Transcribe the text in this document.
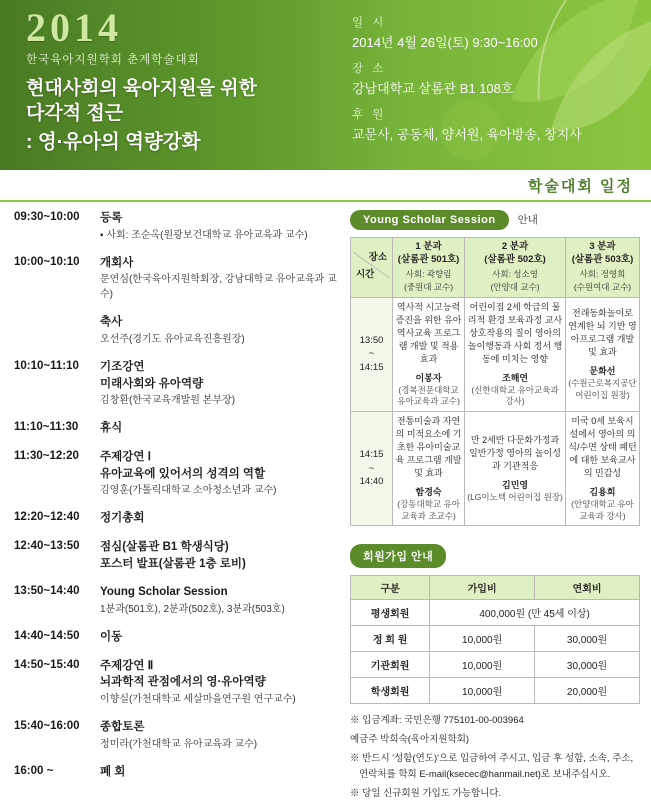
2014
한국육아지원학회 춘계학술대회
현대사회의 육아지원을 위한
다각적 접근
: 영·유아의 역량강화
일 시
2014년 4월 26일(토) 9:30~16:00
장 소
강남대학교 살롬관 B1 108호
후 원
교문사, 공동체, 양서원, 육아방송, 창지사
학술대회 일정
09:30~10:00	등록
▪ 사회: 조순옥(원광보건대학교 유아교육과 교수)
10:00~10:10	개회사
문연심(한국육아지원학회장, 강남대학교 유아교육과 교수)
축사
오선주(경기도 유아교육진흥원장)
10:10~11:10	기조강연
미래사회와 유아역량
김창환(한국교육개발원 본부장)
11:10~11:30	휴식
11:30~12:20	주제강연 Ⅰ
유아교육에 있어서의 성격의 역할
김영훈(가톨릭대학교 소아청소년과 교수)
12:20~12:40	정기총회
12:40~13:50	점심(살롬관 B1 학생식당)
포스터 발표(살롬관 1층 로비)
13:50~14:40	Young Scholar Session
1분과(501호), 2분과(502호), 3분과(503호)
14:40~14:50	이동
14:50~15:40	주제강연 Ⅱ
뇌과학적 관점에서의 영·유아역량
이향실(가천대학교 세살마을연구원 연구교수)
15:40~16:00	종합토론
정미라(가천대학교 유아교육과 교수)
16:00 ~	폐 회
Young Scholar Session 안내
장소
시간	1 분과
(살롬관 501호)
사회: 곽향림
(중원대 교수)	2 분과
(살롬관 502호)
사회: 성소영
(안양대 교수)	3 분과
(살롬관 503호)
사회: 정영희
(수원여대 교수)

13:50
~
14:15	역사적 시고능력증진을 위한 유아역사교육 프로그램 개발 및 적용효과
이봉자
(경복전문대학교 유아교육과 교수)	어린이집 2세 학급의 물리적 환경 보육과정 교사 상호작용의 질이 영아의 놀이행동과 사회 정서 행동에 미치는 영향
조해연
(신한대학교 유아교육과 강사)	전래동화놀이로 연계한 뇌 기반 영아프로그램 개발 및 효과
문화선
(수원근로복지공단 어린이집 원장)

14:15
~
14:40	전통미술과 자연의 미적요소에 기초한 유아미술교육 프로그램 개발 및 효과
함경숙
(강동대학교 유아교육과 조교수)	만 2세반 다문화가정과 일반가정 영아의 놀이성과 기관적응
김민영
(LG이노텍 어린이집 원장)	미국 0세 보육시설에서 영아의 의식/수면 상태 패턴에 대한 보육교사의 민감성
김용희
(안양대학교 유아교육과 강사)
회원가입 안내
구분	가입비	연회비
평생회원	400,000원 (만 45세 이상)	
정 회 원	10,000원	30,000원
기관회원	10,000원	30,000원
학생회원	10,000원	20,000원
※ 입금계좌: 국민은행 775101-00-003964
예금주 박희숙(육아지원학회)
※ 반드시 '성함(연도)'으로 입금하여 주시고, 입금 후 성함, 소속, 주소, 연락처를 학회 E-mail(ksecec@hanmail.net)로 보내주십시오.
※ 당일 신규회원 가입도 가능합니다.
